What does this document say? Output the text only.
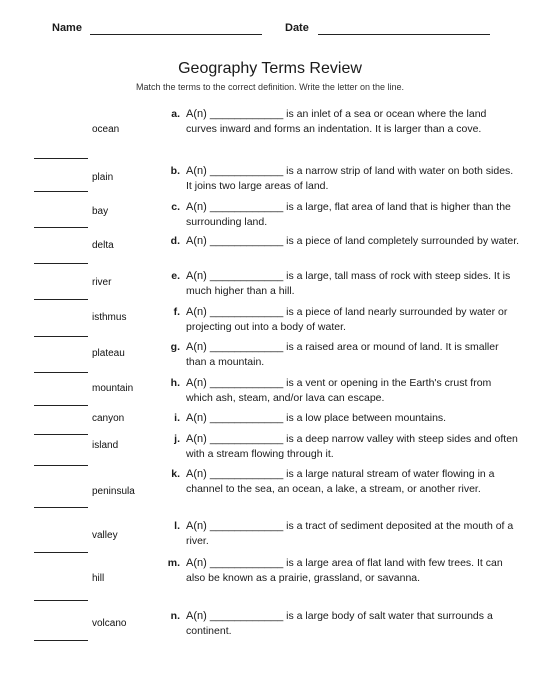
Name	Date
Geography Terms Review
Match the terms to the correct definition. Write the letter on the line.
ocean
plain
bay
delta
river
isthmus
plateau
mountain
canyon
island
peninsula
valley
hill
volcano
a. A(n) ____________ is an inlet of a sea or ocean where the land curves inward and forms an indentation. It is larger than a cove.
b. A(n) ____________ is a narrow strip of land with water on both sides. It joins two large areas of land.
c. A(n) ____________ is a large, flat area of land that is higher than the surrounding land.
d. A(n) ____________ is a piece of land completely surrounded by water.
e. A(n) ____________ is a large, tall mass of rock with steep sides. It is much higher than a hill.
f. A(n) ____________ is a piece of land nearly surrounded by water or projecting out into a body of water.
g. A(n) ____________ is a raised area or mound of land. It is smaller than a mountain.
h. A(n) ____________ is a vent or opening in the Earth's crust from which ash, steam, and/or lava can escape.
i. A(n) ____________ is a low place between mountains.
j. A(n) ____________ is a deep narrow valley with steep sides and often with a stream flowing through it.
k. A(n) ____________ is a large natural stream of water flowing in a channel to the sea, an ocean, a lake, a stream, or another river.
l. A(n) ____________ is a tract of sediment deposited at the mouth of a river.
m. A(n) ____________ is a large area of flat land with few trees. It can also be known as a prairie, grassland, or savanna.
n. A(n) ____________ is a large body of salt water that surrounds a continent.
